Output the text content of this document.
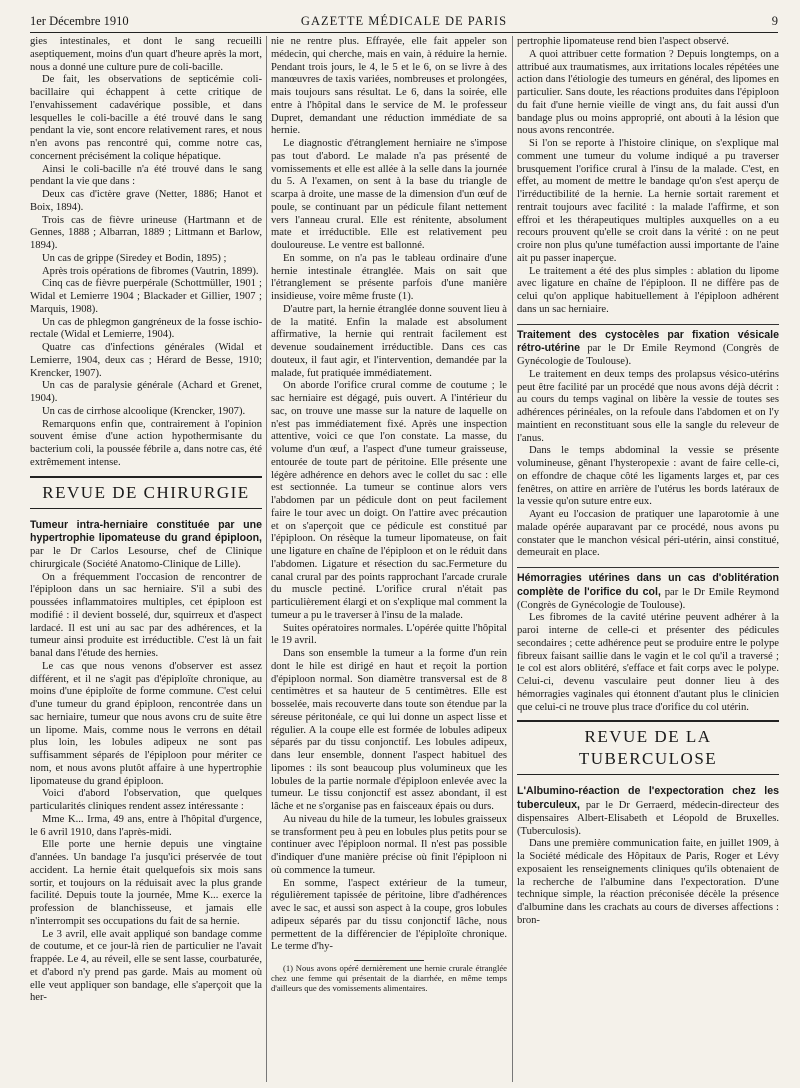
1er Décembre 1910	GAZETTE MÉDICALE DE PARIS	9

gies intestinales, et dont le sang recueilli aseptiquement, moins d'un quart d'heure après la mort, nous a donné une culture pure de coli-bacille.

De fait, les observations de septicémie coli-bacillaire qui échappent à cette critique de l'envahissement cadavérique possible, et dans lesquelles le coli-bacille a été trouvé dans le sang pendant la vie, sont encore relativement rares, et nous n'en avons pas rencontré qui, comme notre cas, concernent précisément la colique hépatique.

Ainsi le coli-bacille n'a été trouvé dans le sang pendant la vie que dans :

Deux cas d'ictère grave (Netter, 1886; Hanot et Boix, 1894).

Trois cas de fièvre urineuse (Hartmann et de Gennes, 1888 ; Albarran, 1889 ; Littmann et Barlow, 1894).

Un cas de grippe (Siredey et Bodin, 1895) ;

Après trois opérations de fibromes (Vautrin, 1899).

Cinq cas de fièvre puerpérale (Schottmüller, 1901 ; Widal et Lemierre 1904 ; Blackader et Gillier, 1907 ; Marquis, 1908).

Un cas de phlegmon gangréneux de la fosse ischio-rectale (Widal et Lemierre, 1904).

Quatre cas d'infections générales (Widal et Lemierre, 1904, deux cas ; Hérard de Besse, 1910; Krencker, 1907).

Un cas de paralysie générale (Achard et Grenet, 1904).

Un cas de cirrhose alcoolique (Krencker, 1907).

Remarquons enfin que, contrairement à l'opinion souvent émise d'une action hypothermisante du bacterium coli, la poussée fébrile a, dans notre cas, été extrêmement intense.

REVUE DE CHIRURGIE

Tumeur intra-herniaire constituée par une hypertrophie lipomateuse du grand épiploon, par le Dr Carlos Lesourse, chef de Clinique chirurgicale (Société Anatomo-Clinique de Lille).

On a fréquemment l'occasion de rencontrer de l'épiploon dans un sac herniaire. S'il a subi des poussées inflammatoires multiples, cet épiploon est modifié : il devient bosselé, dur, squirreux et d'aspect lardacé. Il est uni au sac par des adhérences, et la tumeur ainsi produite est irréductible. C'est là un fait banal dans l'étude des hernies.

Le cas que nous venons d'observer est assez différent, et il ne s'agit pas d'épiploïte chronique, au moins d'une épiploïte de forme commune. C'est celui d'une tumeur du grand épiploon, rencontrée dans un sac herniaire, tumeur que nous avons cru de suite être un lipome. Mais, comme nous le verrons en détail plus loin, les lobules adipeux ne sont pas suffisamment séparés de l'épiploon pour mériter ce nom, et nous avons plutôt affaire à une hypertrophie lipomateuse du grand épiploon.

Voici d'abord l'observation, que quelques particularités cliniques rendent assez intéressante :

Mme K... Irma, 49 ans, entre à l'hôpital d'urgence, le 6 avril 1910, dans l'après-midi.

Elle porte une hernie depuis une vingtaine d'années. Un bandage l'a jusqu'ici préservée de tout accident. La hernie était quelquefois six mois sans sortir, et toujours on la réduisait avec la plus grande facilité. Depuis toute la journée, Mme K... exerce la profession de blanchisseuse, et jamais elle n'interrompit ses occupations du fait de sa hernie.

Le 3 avril, elle avait appliqué son bandage comme de coutume, et ce jour-là rien de particulier ne l'avait frappée. Le 4, au réveil, elle se sent lasse, courbaturée, et d'abord n'y prend pas garde. Mais au moment où elle veut appliquer son bandage, elle s'aperçoit que la her-

nie ne rentre plus. Effrayée, elle fait appeler son médecin, qui cherche, mais en vain, à réduire la hernie. Pendant trois jours, le 4, le 5 et le 6, on se livre à des manœuvres de taxis variées, nombreuses et prolongées, mais toujours sans résultat. Le 6, dans la soirée, elle entre à l'hôpital dans le service de M. le professeur Dupret, demandant une réduction immédiate de sa hernie.

Le diagnostic d'étranglement herniaire ne s'impose pas tout d'abord. Le malade n'a pas présenté de vomissements et elle est allée à la selle dans la journée du 5. A l'examen, on sent à la base du triangle de scarpa à droite, une masse de la dimension d'un œuf de poule, se continuant par un pédicule filant nettement vers l'anneau crural. Elle est rénitente, absolument mate et irréductible. Elle est relativement peu douloureuse. Le ventre est ballonné.

En somme, on n'a pas le tableau ordinaire d'une hernie intestinale étranglée. Mais on sait que l'étranglement se présente parfois d'une manière insidieuse, voire même fruste (1).

D'autre part, la hernie étranglée donne souvent lieu à de la matité. Enfin la malade est absolument affirmative, la hernie qui rentrait facilement est devenue soudainement irréductible. Dans ces cas douteux, il faut agir, et l'intervention, demandée par la malade, fut pratiquée immédiatement.

On aborde l'orifice crural comme de coutume ; le sac herniaire est dégagé, puis ouvert. A l'intérieur du sac, on trouve une masse sur la nature de laquelle on n'est pas immédiatement fixé. Après une inspection attentive, voici ce que l'on constate. La masse, du volume d'un œuf, a l'aspect d'une tumeur graisseuse, entourée de toute part de péritoine. Elle présente une légère adhérence en dehors avec le collet du sac : elle est sectionnée. La tumeur se continue alors vers l'abdomen par un pédicule dont on peut facilement faire le tour avec un doigt. On l'attire avec précaution et on s'aperçoit que ce pédicule est constitué par l'épiploon. On résèque la tumeur lipomateuse, on fait une ligature en chaîne de l'épiploon et on le réduit dans l'abdomen. Ligature et résection du sac.Fermeture du canal crural par des points rapprochant l'arcade crurale du muscle pectiné. L'orifice crural n'était pas particulièrement élargi et on s'explique mal comment la tumeur a pu le traverser à l'insu de la malade.

Suites opératoires normales. L'opérée quitte l'hôpital le 19 avril.

Dans son ensemble la tumeur a la forme d'un rein dont le hile est dirigé en haut et reçoit la portion d'épiploon normal. Son diamètre transversal est de 8 centimètres et sa hauteur de 5 centimètres. Elle est bosselée, mais recouverte dans toute son étendue par la séreuse péritonéale, ce qui lui donne un aspect lisse et régulier. A la coupe elle est formée de lobules adipeux séparés par du tissu conjonctif. Les lobules adipeux, dans leur ensemble, donnent l'aspect habituel des lipomes : ils sont beaucoup plus volumineux que les lobules de la partie normale d'épiploon enlevée avec la tumeur. Le tissu conjonctif est assez abondant, il est lâche et ne s'organise pas en faisceaux épais ou durs.

Au niveau du hile de la tumeur, les lobules graisseux se transforment peu à peu en lobules plus petits pour se continuer avec l'épiploon normal. Il n'est pas possible d'indiquer d'une manière précise où finit l'épiploon ni où commence la tumeur.

En somme, l'aspect extérieur de la tumeur, régulièrement tapissée de péritoine, libre d'adhérences avec le sac, et aussi son aspect à la coupe, gros lobules adipeux séparés par du tissu conjonctif lâche, nous permettent de la différencier de l'épiploïte chronique. Le terme d'hy-

(1) Nous avons opéré dernièrement une hernie crurale étranglée chez une femme qui présentait de la diarrhée, en même temps d'ailleurs que des vomissements alimentaires.

pertrophie lipomateuse rend bien l'aspect observé.

A quoi attribuer cette formation ? Depuis longtemps, on a attribué aux traumatismes, aux irritations locales répétées une action dans l'étiologie des tumeurs en général, des lipomes en particulier. Sans doute, les réactions produites dans l'épiploon du fait d'une hernie vieille de vingt ans, du fait aussi d'un bandage plus ou moins approprié, ont abouti à la lésion que nous avons rencontrée.

Si l'on se reporte à l'histoire clinique, on s'explique mal comment une tumeur du volume indiqué a pu traverser brusquement l'orifice crural à l'insu de la malade. C'est, en effet, au moment de mettre le bandage qu'on s'est aperçu de l'irréductibilité de la hernie. La hernie sortait rarement et rentrait toujours avec facilité : la malade l'affirme, et son effroi et les thérapeutiques multiples auxquelles on a eu recours prouvent qu'elle se croit dans la vérité : on ne peut croire non plus qu'une tuméfaction aussi importante de l'aine ait pu passer inaperçue.

Le traitement a été des plus simples : ablation du lipome avec ligature en chaîne de l'épiploon. Il ne diffère pas de celui qu'on applique habituellement à l'épiploon adhérent dans un sac herniaire.

Traitement des cystocèles par fixation vésicale rétro-utérine par le Dr Emile Reymond (Congrès de Gynécologie de Toulouse).

Le traitement en deux temps des prolapsus vésico-utérins peut être facilité par un procédé que nous avons déjà décrit : au cours du temps vaginal on libère la vessie de toutes ses adhérences périnéales, on la refoule dans l'abdomen et on l'y maintient en reconstituant sous elle la sangle du releveur de l'anus.

Dans le temps abdominal la vessie se présente volumineuse, gênant l'hysteropexie : avant de faire celle-ci, on effondre de chaque côté les ligaments larges et, par ces fenêtres, on attire en arrière de l'utérus les bords latéraux de la vessie qu'on suture entre eux.

Ayant eu l'occasion de pratiquer une laparotomie à une malade opérée auparavant par ce procédé, nous avons pu constater que le manchon vésical péri-utérin, ainsi constitué, demeurait en place.

Hémorragies utérines dans un cas d'oblitération complète de l'orifice du col, par le Dr Emile Reymond (Congrès de Gynécologie de Toulouse).

Les fibromes de la cavité utérine peuvent adhérer à la paroi interne de celle-ci et présenter des pédicules secondaires ; cette adhérence peut se produire entre le polype fibreux faisant saillie dans le vagin et le col qu'il a traversé ; le col est alors oblitéré, s'efface et fait corps avec le polype. Celui-ci, devenu vasculaire peut donner lieu à des hémorragies vaginales qui étonnent d'autant plus le clinicien que celui-ci ne trouve plus trace d'orifice du col utérin.

REVUE DE LA TUBERCULOSE

L'Albumino-réaction de l'expectoration chez les tuberculeux, par le Dr Gerraerd, médecin-directeur des dispensaires Albert-Elisabeth et Léopold de Bruxelles. (Tuberculosis).

Dans une première communication faite, en juillet 1909, à la Société médicale des Hôpitaux de Paris, Roger et Lévy exposaient les renseignements cliniques qu'ils obtenaient de la recherche de l'albumine dans l'expectoration. D'une technique simple, la réaction préconisée décèle la présence d'albumine dans les crachats au cours de diverses affections : bron-
